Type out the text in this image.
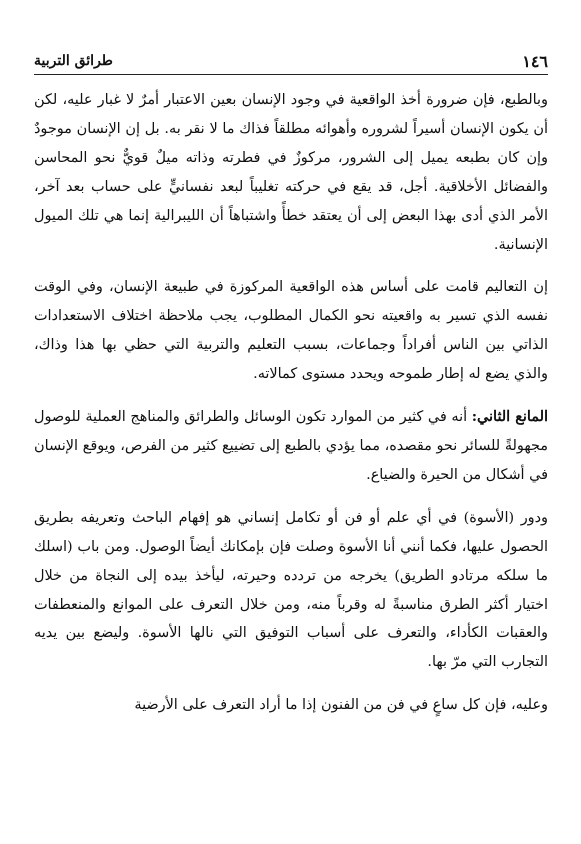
١٤٦
طرائق التربية

وبالطبع، فإن ضرورة أخذ الواقعية في وجود الإنسان بعين الاعتبار أمرٌ لا غبار عليه، لكن أن يكون الإنسان أسيراً لشروره وأهوائه مطلقاً فذاك ما لا نقر به. بل إن الإنسان موجودٌ وإن كان بطبعه يميل إلى الشرور، مركوزٌ في فطرته وذاته ميلٌ قويٌّ نحو المحاسن والفضائل الأخلاقية. أجل، قد يقع في حركته تغليباً لبعد نفسانيٍّ على حساب بعد آخر، الأمر الذي أدى بهذا البعض إلى أن يعتقد خطأً واشتباهاً أن الليبرالية إنما هي تلك الميول الإنسانية.

إن التعاليم قامت على أساس هذه الواقعية المركوزة في طبيعة الإنسان، وفي الوقت نفسه الذي تسير به واقعيته نحو الكمال المطلوب، يجب ملاحظة اختلاف الاستعدادات الذاتي بين الناس أفراداً وجماعات، بسبب التعليم والتربية التي حظي بها هذا وذاك، والذي يضع له إطار طموحه ويحدد مستوى كمالاته.

المانع الثاني: أنه في كثير من الموارد تكون الوسائل والطرائق والمناهج العملية للوصول مجهولةً للسائر نحو مقصده، مما يؤدي بالطبع إلى تضييع كثير من الفرص، ويوقع الإنسان في أشكال من الحيرة والضياع.

ودور (الأسوة) في أي علم أو فن أو تكامل إنساني هو إفهام الباحث وتعريفه بطريق الحصول عليها، فكما أنني أنا الأسوة وصلت فإن بإمكانك أيضاً الوصول. ومن باب (اسلك ما سلكه مرتادو الطريق) يخرجه من تردده وحيرته، ليأخذ بيده إلى النجاة من خلال اختيار أكثر الطرق مناسبةً له وقرباً منه، ومن خلال التعرف على الموانع والمنعطفات والعقبات الكأداء، والتعرف على أسباب التوفيق التي نالها الأسوة. وليضع بين يديه التجارب التي مرّ بها.

وعليه، فإن كل ساعٍ في فن من الفنون إذا ما أراد التعرف على الأرضية
